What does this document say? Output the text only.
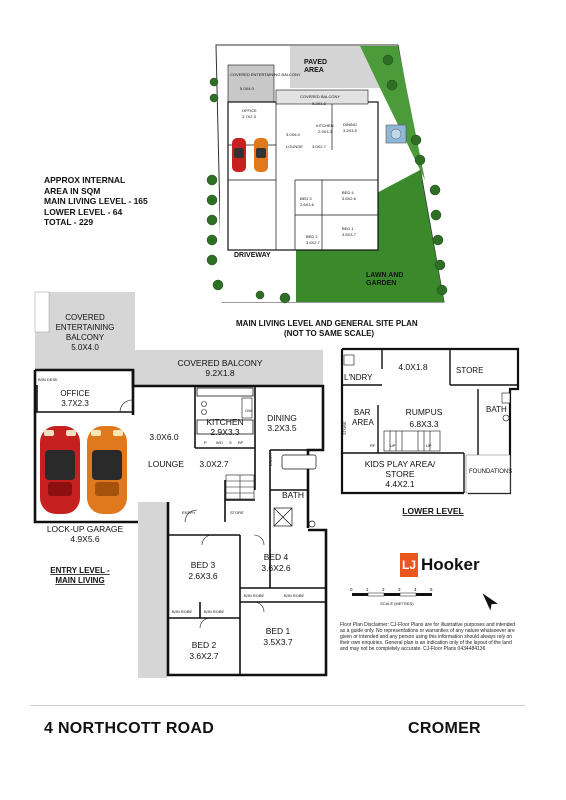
PAVED AREA
COVERED ENTERTAINING BALCONY
5.0X4.0
COVERED BALCONY
9.2X1.8
OFFICE
3.7X2.3
KITCHEN
2.9X3.3
DINING
3.2X3.5
3.0X6.0
LOUNGE 3.0X2.7
BED 3
2.6X3.6
BED 4
3.6X2.6
BED 2
3.6X2.7
BED 1
3.5X3.7
DRIVEWAY
LAWN AND GARDEN
MAIN LIVING LEVEL AND GENERAL SITE PLAN
(NOT TO SAME SCALE)
APPROX INTERNAL
AREA IN SQM
MAIN LIVING LEVEL - 165
LOWER LEVEL - 64
TOTAL - 229
COVERED
ENTERTAINING
BALCONY
5.0X4.0
B/IN DESK
OFFICE
3.7X2.3
COVERED BALCONY
9.2X1.8
KITCHEN
2.9X3.3
GW
P WO S RF
DINING
3.2X3.5
3.0X6.0
LOUNGE 3.0X2.7	LNDRY
BATH
ENTRY	STORE
LOCK-UP GARAGE
4.9X5.6
BED 3
2.6X3.6
BED 4
3.6X2.6
B/IN ROBE	B/IN ROBE
B/IN ROBE	B/IN ROBE
BED 2
3.6X2.7
BED 1
3.5X3.7
ENTRY LEVEL -
MAIN LIVING
L'NDRY
4.0X1.8	STORE
BAR
AREA
RUMPUS
6.8X3.3
BATH
STORE
RF	UP	UP
KIDS PLAY AREA/
STORE
4.4X2.1
FOUNDATIONS
LOWER LEVEL
LJ Hooker
0	1	2	3	4	5
SCALE (METRES)
Floor Plan Disclaimer: CJ-Floor Plans are for illustrative purposes and intended as a guide only. No representations or warranties of any nature whatsoever are given or intended and any person using this information should always rely on their own enquiries. General plan is an indication only of the layout of the land and may not be completely accurate. CJ-Floor Plans 0434484136
4 NORTHCOTT ROAD	CROMER
